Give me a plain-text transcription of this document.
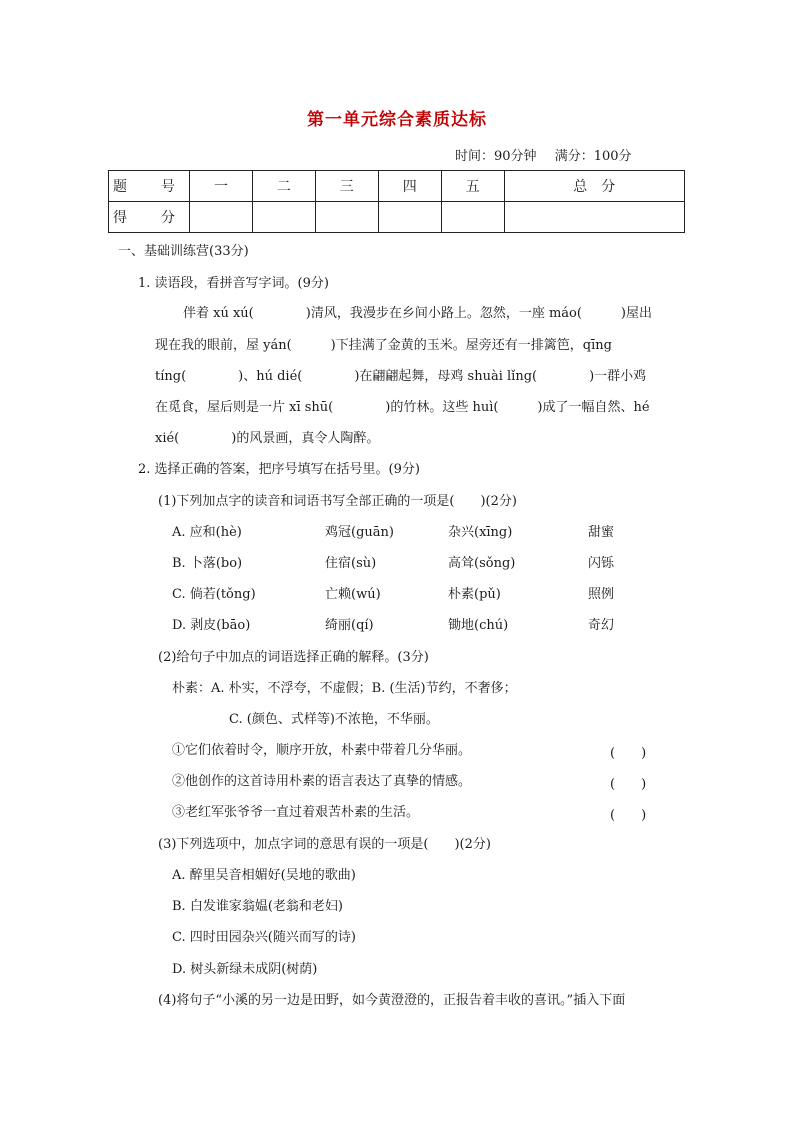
第一单元综合素质达标
时间：90分钟 满分：100分
题　号	一	二	三	四	五	总　分
得　分						
一、基础训练营(33分)
1. 读语段，看拼音写字词。(9分)
伴着 xú xú(　　　　)清风，我漫步在乡间小路上。忽然，一座 máo(　　　)屋出
现在我的眼前，屋 yán(　　　)下挂满了金黄的玉米。屋旁还有一排篱笆，qīng
tíng(　　　　)、hú dié(　　　　)在翩翩起舞，母鸡 shuài lǐng(　　　　)一群小鸡
在觅食，屋后则是一片 xī shū(　　　　)的竹林。这些 huì(　　　)成了一幅自然、hé
xié(　　　　)的风景画，真令人陶醉。
2. 选择正确的答案，把序号填写在括号里。(9分)
(1)下列加点字的读音和词语书写全部正确的一项是(　　)(2分)
A. 应和(hè)	鸡冠(guān)	杂兴(xīng)	甜蜜
B. 卜落(bo)	住宿(sù)	高耸(sǒng)	闪铄
C. 倘若(tǒng)	亡赖(wú)	朴素(pǔ)	照例
D. 剥皮(bāo)	绮丽(qí)	锄地(chú)	奇幻
(2)给句子中加点的词语选择正确的解释。(3分)
朴素：A. 朴实，不浮夸，不虚假；B. (生活)节约，不奢侈；
C. (颜色、式样等)不浓艳，不华丽。
①它们依着时令，顺序开放，朴素中带着几分华丽。	(　　)
②他创作的这首诗用朴素的语言表达了真挚的情感。	(　　)
③老红军张爷爷一直过着艰苦朴素的生活。	(　　)
(3)下列选项中，加点字词的意思有误的一项是(　　)(2分)
A. 醉里吴音相媚好(吴地的歌曲)
B. 白发谁家翁媪(老翁和老妇)
C. 四时田园杂兴(随兴而写的诗)
D. 树头新绿未成阴(树荫)
(4)将句子“小溪的另一边是田野，如今黄澄澄的，正报告着丰收的喜讯。”插入下面
